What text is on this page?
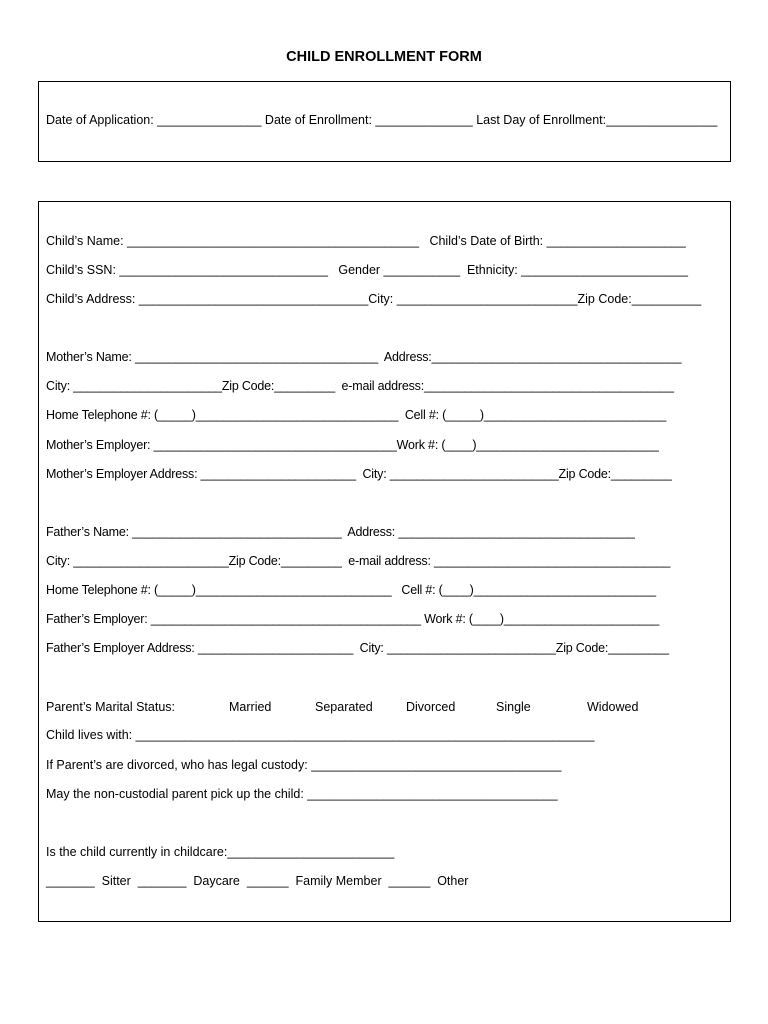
CHILD ENROLLMENT FORM
Date of Application: _______________ Date of Enrollment: ______________ Last Day of Enrollment:________________
Child’s Name: __________________________________________   Child’s Date of Birth: ____________________
Child’s SSN: ______________________________   Gender ___________  Ethnicity: ________________________
Child’s Address: _________________________________City: __________________________Zip Code:__________
Mother’s Name: ____________________________________  Address:_____________________________________
City: ______________________Zip Code:_________  e-mail address:_____________________________________
Home Telephone #: (_____)______________________________  Cell #: (_____)___________________________
Mother’s Employer: ____________________________________Work #: (____)___________________________
Mother’s Employer Address: _______________________  City: _________________________Zip Code:_________
Father’s Name: _______________________________  Address: ___________________________________
City: _______________________Zip Code:_________  e-mail address: ___________________________________
Home Telephone #: (_____)_____________________________   Cell #: (____)___________________________
Father’s Employer: ________________________________________ Work #: (____)_______________________
Father’s Employer Address: _______________________  City: _________________________Zip Code:_________
Parent’s Marital Status:	Married	Separated	Divorced	Single	Widowed
Child lives with: __________________________________________________________________
If Parent’s are divorced, who has legal custody: ____________________________________
May the non-custodial parent pick up the child: ____________________________________
Is the child currently in childcare:________________________
_______  Sitter  _______  Daycare  ______  Family Member  ______  Other
